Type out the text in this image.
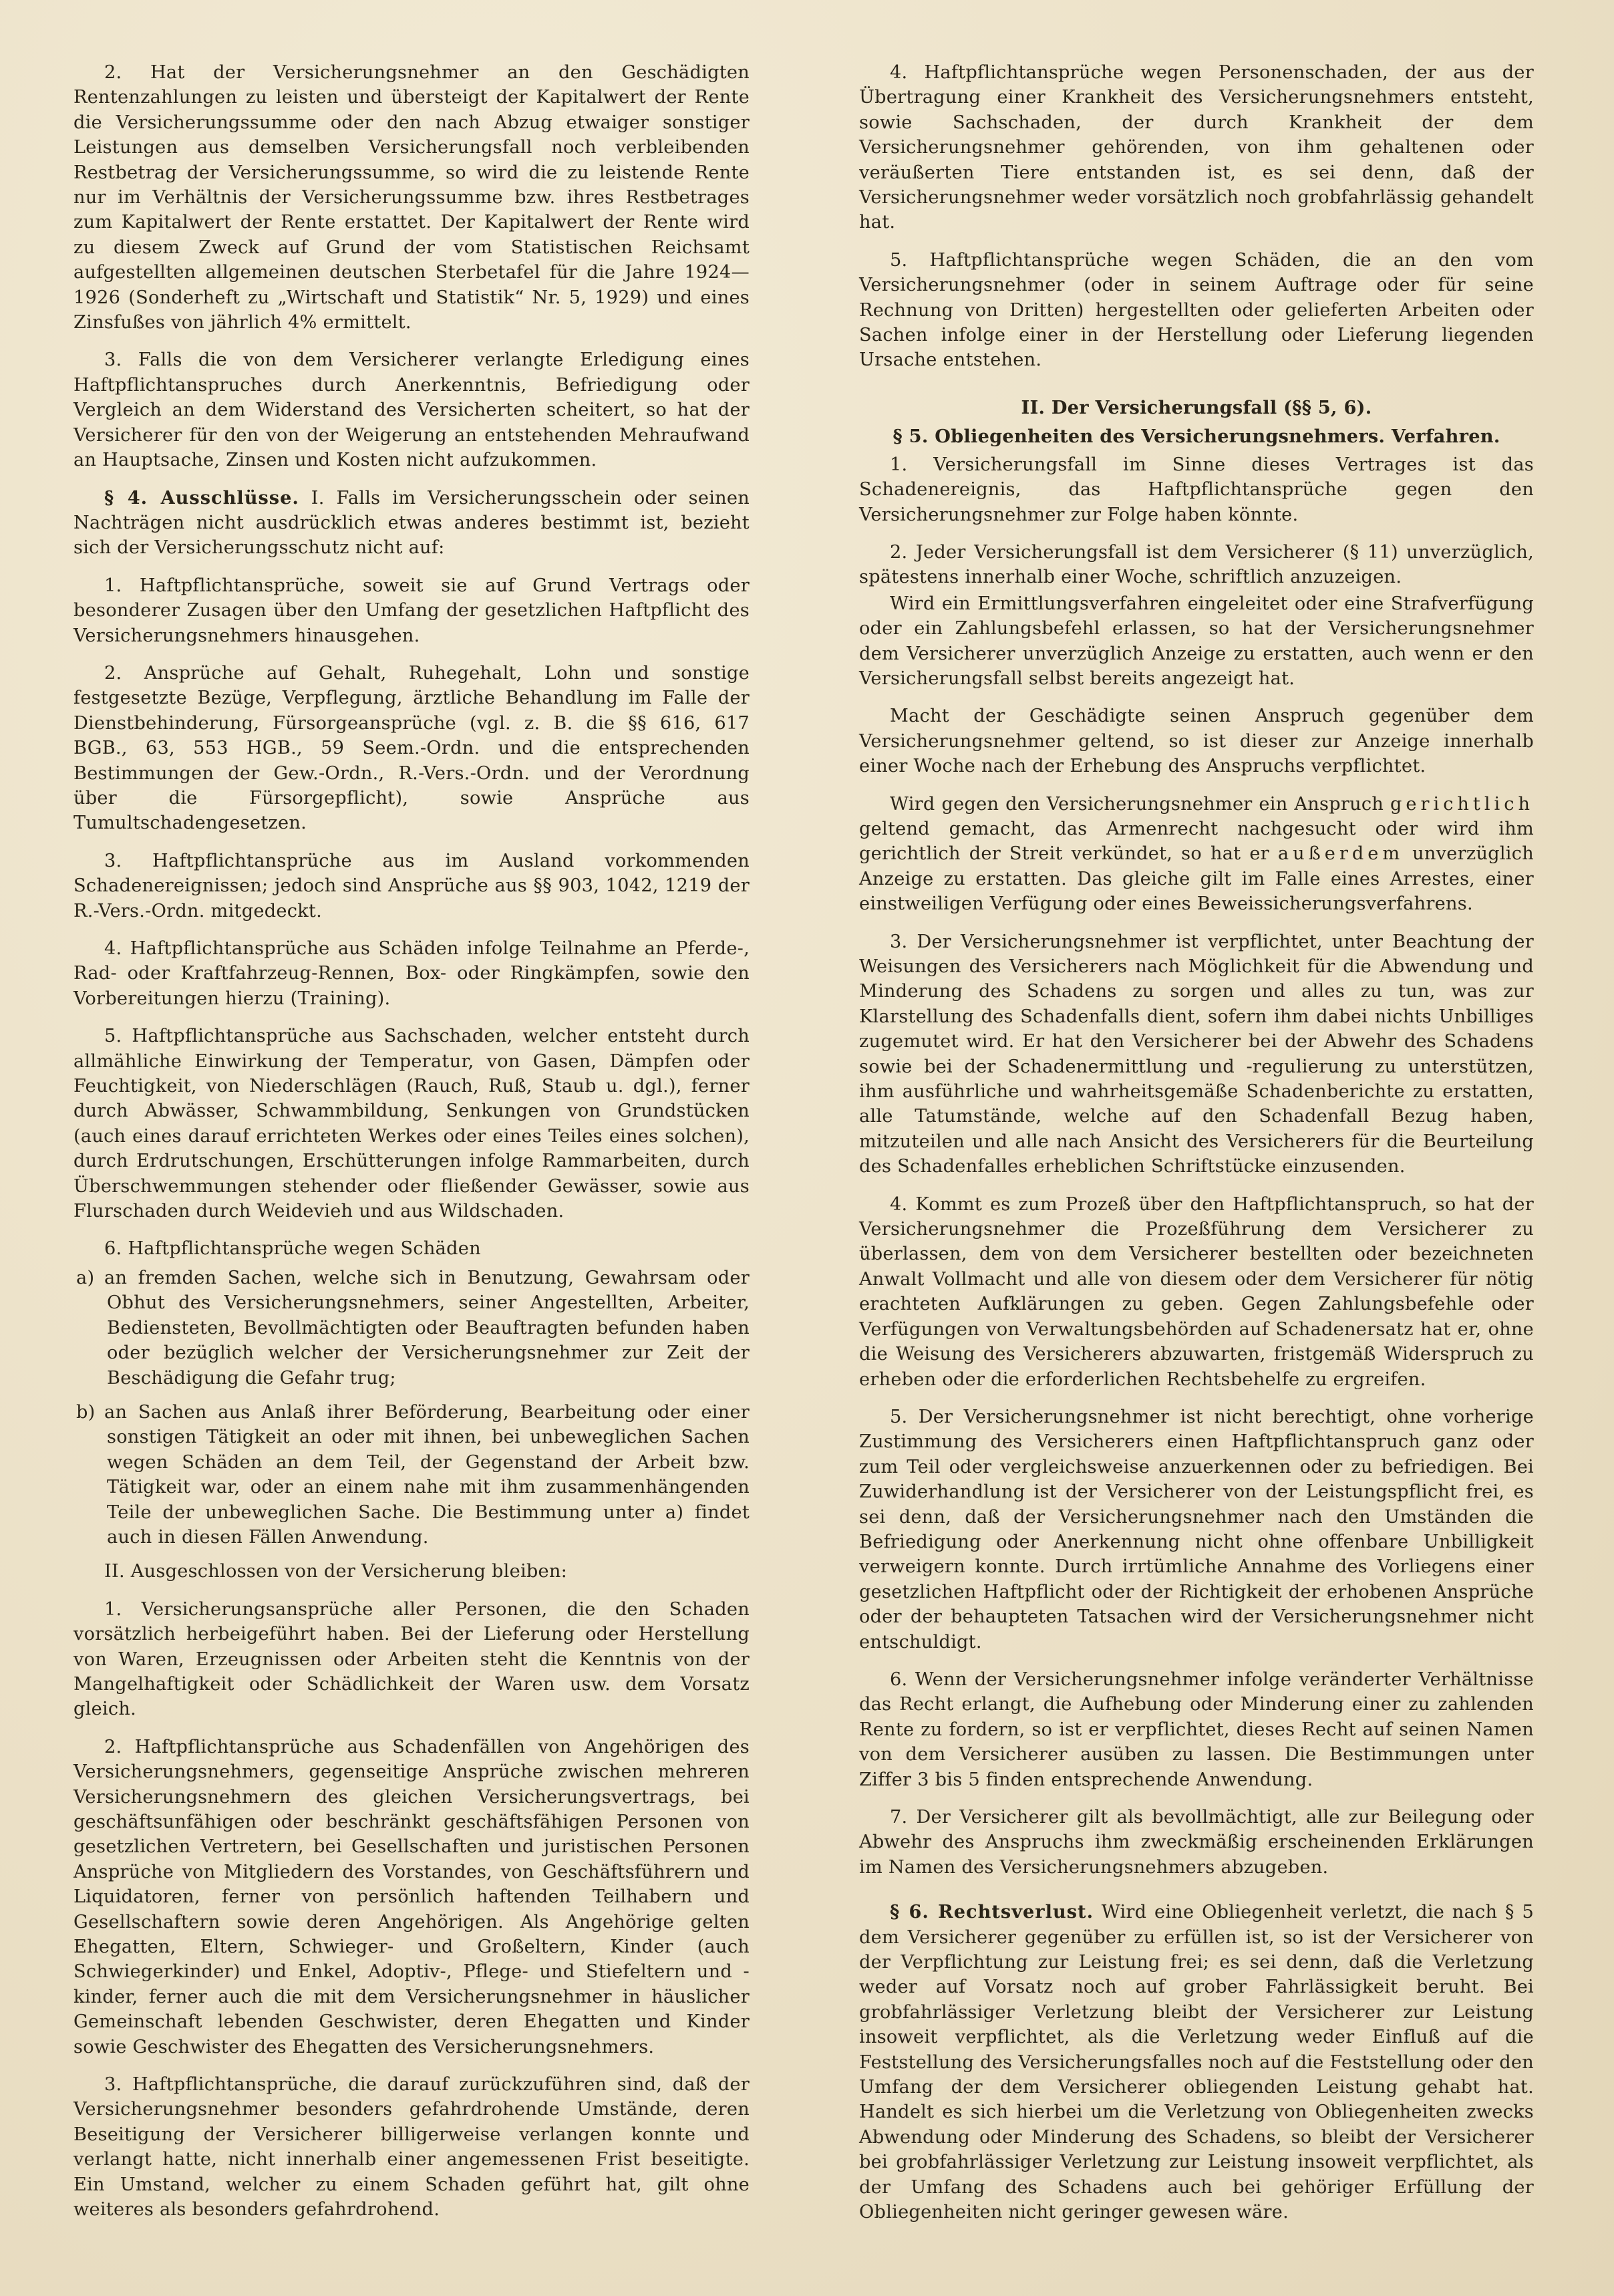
2. Hat der Versicherungsnehmer an den Geschädigten Rentenzahlungen zu leisten und übersteigt der Kapitalwert der Rente die Versicherungssumme oder den nach Abzug etwaiger sonstiger Leistungen aus demselben Versicherungsfall noch verbleibenden Restbetrag der Versicherungssumme, so wird die zu leistende Rente nur im Verhältnis der Versicherungssumme bzw. ihres Restbetrages zum Kapitalwert der Rente erstattet. Der Kapitalwert der Rente wird zu diesem Zweck auf Grund der vom Statistischen Reichsamt aufgestellten allgemeinen deutschen Sterbetafel für die Jahre 1924—1926 (Sonderheft zu „Wirtschaft und Statistik“ Nr. 5, 1929) und eines Zinsfußes von jährlich 4% ermittelt.

3. Falls die von dem Versicherer verlangte Erledigung eines Haftpflichtanspruches durch Anerkenntnis, Befriedigung oder Vergleich an dem Widerstand des Versicherten scheitert, so hat der Versicherer für den von der Weigerung an entstehenden Mehraufwand an Hauptsache, Zinsen und Kosten nicht aufzukommen.

§ 4. Ausschlüsse. I. Falls im Versicherungsschein oder seinen Nachträgen nicht ausdrücklich etwas anderes bestimmt ist, bezieht sich der Versicherungsschutz nicht auf:

1. Haftpflichtansprüche, soweit sie auf Grund Vertrags oder besonderer Zusagen über den Umfang der gesetzlichen Haftpflicht des Versicherungsnehmers hinausgehen.

2. Ansprüche auf Gehalt, Ruhegehalt, Lohn und sonstige festgesetzte Bezüge, Verpflegung, ärztliche Behandlung im Falle der Dienstbehinderung, Fürsorgeansprüche (vgl. z. B. die §§ 616, 617 BGB., 63, 553 HGB., 59 Seem.-Ordn. und die entsprechenden Bestimmungen der Gew.-Ordn., R.-Vers.-Ordn. und der Verordnung über die Fürsorgepflicht), sowie Ansprüche aus Tumultschadengesetzen.

3. Haftpflichtansprüche aus im Ausland vorkommenden Schadenereignissen; jedoch sind Ansprüche aus §§ 903, 1042, 1219 der R.-Vers.-Ordn. mitgedeckt.

4. Haftpflichtansprüche aus Schäden infolge Teilnahme an Pferde-, Rad- oder Kraftfahrzeug-Rennen, Box- oder Ringkämpfen, sowie den Vorbereitungen hierzu (Training).

5. Haftpflichtansprüche aus Sachschaden, welcher entsteht durch allmähliche Einwirkung der Temperatur, von Gasen, Dämpfen oder Feuchtigkeit, von Niederschlägen (Rauch, Ruß, Staub u. dgl.), ferner durch Abwässer, Schwammbildung, Senkungen von Grundstücken (auch eines darauf errichteten Werkes oder eines Teiles eines solchen), durch Erdrutschungen, Erschütterungen infolge Rammarbeiten, durch Überschwemmungen stehender oder fließender Gewässer, sowie aus Flurschaden durch Weidevieh und aus Wildschaden.

6. Haftpflichtansprüche wegen Schäden

a) an fremden Sachen, welche sich in Benutzung, Gewahrsam oder Obhut des Versicherungsnehmers, seiner Angestellten, Arbeiter, Bediensteten, Bevollmächtigten oder Beauftragten befunden haben oder bezüglich welcher der Versicherungsnehmer zur Zeit der Beschädigung die Gefahr trug;

b) an Sachen aus Anlaß ihrer Beförderung, Bearbeitung oder einer sonstigen Tätigkeit an oder mit ihnen, bei unbeweglichen Sachen wegen Schäden an dem Teil, der Gegenstand der Arbeit bzw. Tätigkeit war, oder an einem nahe mit ihm zusammenhängenden Teile der unbeweglichen Sache. Die Bestimmung unter a) findet auch in diesen Fällen Anwendung.

II. Ausgeschlossen von der Versicherung bleiben:

1. Versicherungsansprüche aller Personen, die den Schaden vorsätzlich herbeigeführt haben. Bei der Lieferung oder Herstellung von Waren, Erzeugnissen oder Arbeiten steht die Kenntnis von der Mangelhaftigkeit oder Schädlichkeit der Waren usw. dem Vorsatz gleich.

2. Haftpflichtansprüche aus Schadenfällen von Angehörigen des Versicherungsnehmers, gegenseitige Ansprüche zwischen mehreren Versicherungsnehmern des gleichen Versicherungsvertrags, bei geschäftsunfähigen oder beschränkt geschäftsfähigen Personen von gesetzlichen Vertretern, bei Gesellschaften und juristischen Personen Ansprüche von Mitgliedern des Vorstandes, von Geschäftsführern und Liquidatoren, ferner von persönlich haftenden Teilhabern und Gesellschaftern sowie deren Angehörigen. Als Angehörige gelten Ehegatten, Eltern, Schwieger- und Großeltern, Kinder (auch Schwiegerkinder) und Enkel, Adoptiv-, Pflege- und Stiefeltern und -kinder, ferner auch die mit dem Versicherungsnehmer in häuslicher Gemeinschaft lebenden Geschwister, deren Ehegatten und Kinder sowie Geschwister des Ehegatten des Versicherungsnehmers.

3. Haftpflichtansprüche, die darauf zurückzuführen sind, daß der Versicherungsnehmer besonders gefahrdrohende Umstände, deren Beseitigung der Versicherer billigerweise verlangen konnte und verlangt hatte, nicht innerhalb einer angemessenen Frist beseitigte. Ein Umstand, welcher zu einem Schaden geführt hat, gilt ohne weiteres als besonders gefahrdrohend.

4. Haftpflichtansprüche wegen Personenschaden, der aus der Übertragung einer Krankheit des Versicherungsnehmers entsteht, sowie Sachschaden, der durch Krankheit der dem Versicherungsnehmer gehörenden, von ihm gehaltenen oder veräußerten Tiere entstanden ist, es sei denn, daß der Versicherungsnehmer weder vorsätzlich noch grobfahrlässig gehandelt hat.

5. Haftpflichtansprüche wegen Schäden, die an den vom Versicherungsnehmer (oder in seinem Auftrage oder für seine Rechnung von Dritten) hergestellten oder gelieferten Arbeiten oder Sachen infolge einer in der Herstellung oder Lieferung liegenden Ursache entstehen.

II. Der Versicherungsfall (§§ 5, 6).

§ 5. Obliegenheiten des Versicherungsnehmers. Verfahren.

1. Versicherungsfall im Sinne dieses Vertrages ist das Schadenereignis, das Haftpflichtansprüche gegen den Versicherungsnehmer zur Folge haben könnte.

2. Jeder Versicherungsfall ist dem Versicherer (§ 11) unverzüglich, spätestens innerhalb einer Woche, schriftlich anzuzeigen.

Wird ein Ermittlungsverfahren eingeleitet oder eine Strafverfügung oder ein Zahlungsbefehl erlassen, so hat der Versicherungsnehmer dem Versicherer unverzüglich Anzeige zu erstatten, auch wenn er den Versicherungsfall selbst bereits angezeigt hat.

Macht der Geschädigte seinen Anspruch gegenüber dem Versicherungsnehmer geltend, so ist dieser zur Anzeige innerhalb einer Woche nach der Erhebung des Anspruchs verpflichtet.

Wird gegen den Versicherungsnehmer ein Anspruch gerichtlich geltend gemacht, das Armenrecht nachgesucht oder wird ihm gerichtlich der Streit verkündet, so hat er außerdem unverzüglich Anzeige zu erstatten. Das gleiche gilt im Falle eines Arrestes, einer einstweiligen Verfügung oder eines Beweissicherungsverfahrens.

3. Der Versicherungsnehmer ist verpflichtet, unter Beachtung der Weisungen des Versicherers nach Möglichkeit für die Abwendung und Minderung des Schadens zu sorgen und alles zu tun, was zur Klarstellung des Schadenfalls dient, sofern ihm dabei nichts Unbilliges zugemutet wird. Er hat den Versicherer bei der Abwehr des Schadens sowie bei der Schadenermittlung und -regulierung zu unterstützen, ihm ausführliche und wahrheitsgemäße Schadenberichte zu erstatten, alle Tatumstände, welche auf den Schadenfall Bezug haben, mitzuteilen und alle nach Ansicht des Versicherers für die Beurteilung des Schadenfalles erheblichen Schriftstücke einzusenden.

4. Kommt es zum Prozeß über den Haftpflichtanspruch, so hat der Versicherungsnehmer die Prozeßführung dem Versicherer zu überlassen, dem von dem Versicherer bestellten oder bezeichneten Anwalt Vollmacht und alle von diesem oder dem Versicherer für nötig erachteten Aufklärungen zu geben. Gegen Zahlungsbefehle oder Verfügungen von Verwaltungsbehörden auf Schadenersatz hat er, ohne die Weisung des Versicherers abzuwarten, fristgemäß Widerspruch zu erheben oder die erforderlichen Rechtsbehelfe zu ergreifen.

5. Der Versicherungsnehmer ist nicht berechtigt, ohne vorherige Zustimmung des Versicherers einen Haftpflichtanspruch ganz oder zum Teil oder vergleichsweise anzuerkennen oder zu befriedigen. Bei Zuwiderhandlung ist der Versicherer von der Leistungspflicht frei, es sei denn, daß der Versicherungsnehmer nach den Umständen die Befriedigung oder Anerkennung nicht ohne offenbare Unbilligkeit verweigern konnte. Durch irrtümliche Annahme des Vorliegens einer gesetzlichen Haftpflicht oder der Richtigkeit der erhobenen Ansprüche oder der behaupteten Tatsachen wird der Versicherungsnehmer nicht entschuldigt.

6. Wenn der Versicherungsnehmer infolge veränderter Verhältnisse das Recht erlangt, die Aufhebung oder Minderung einer zu zahlenden Rente zu fordern, so ist er verpflichtet, dieses Recht auf seinen Namen von dem Versicherer ausüben zu lassen. Die Bestimmungen unter Ziffer 3 bis 5 finden entsprechende Anwendung.

7. Der Versicherer gilt als bevollmächtigt, alle zur Beilegung oder Abwehr des Anspruchs ihm zweckmäßig erscheinenden Erklärungen im Namen des Versicherungsnehmers abzugeben.

§ 6. Rechtsverlust. Wird eine Obliegenheit verletzt, die nach § 5 dem Versicherer gegenüber zu erfüllen ist, so ist der Versicherer von der Verpflichtung zur Leistung frei; es sei denn, daß die Verletzung weder auf Vorsatz noch auf grober Fahrlässigkeit beruht. Bei grobfahrlässiger Verletzung bleibt der Versicherer zur Leistung insoweit verpflichtet, als die Verletzung weder Einfluß auf die Feststellung des Versicherungsfalles noch auf die Feststellung oder den Umfang der dem Versicherer obliegenden Leistung gehabt hat. Handelt es sich hierbei um die Verletzung von Obliegenheiten zwecks Abwendung oder Minderung des Schadens, so bleibt der Versicherer bei grobfahrlässiger Verletzung zur Leistung insoweit verpflichtet, als der Umfang des Schadens auch bei gehöriger Erfüllung der Obliegenheiten nicht geringer gewesen wäre.
